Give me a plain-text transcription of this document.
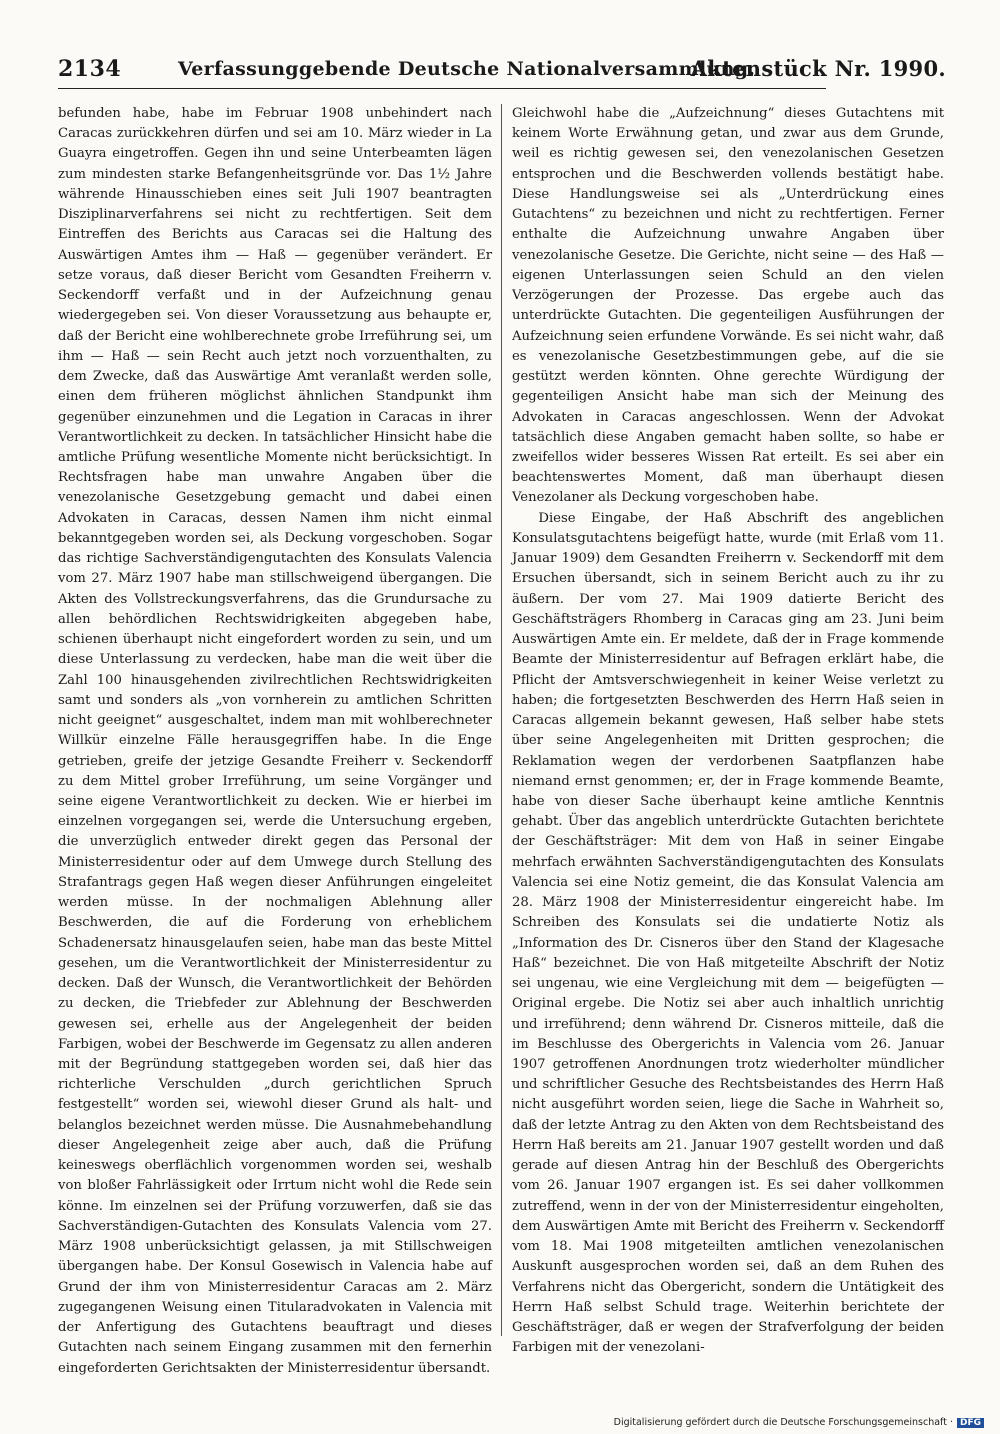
2134	Verfassunggebende Deutsche Nationalversammlung.
Aktenstück Nr. 1990.

befunden habe, habe im Februar 1908 unbehindert nach Caracas zurückkehren dürfen und sei am 10. März wieder in La Guayra eingetroffen. Gegen ihn und seine Unterbeamten lägen zum mindesten starke Befangenheitsgründe vor. Das 1½ Jahre währende Hinausschieben eines seit Juli 1907 beantragten Disziplinarverfahrens sei nicht zu rechtfertigen. Seit dem Eintreffen des Berichts aus Caracas sei die Haltung des Auswärtigen Amtes ihm — Haß — gegenüber verändert. Er setze voraus, daß dieser Bericht vom Gesandten Freiherrn v. Seckendorff verfaßt und in der Aufzeichnung genau wiedergegeben sei. Von dieser Voraussetzung aus behaupte er, daß der Bericht eine wohlberechnete grobe Irreführung sei, um ihm — Haß — sein Recht auch jetzt noch vorzuenthalten, zu dem Zwecke, daß das Auswärtige Amt veranlaßt werden solle, einen dem früheren möglichst ähnlichen Standpunkt ihm gegenüber einzunehmen und die Legation in Caracas in ihrer Verantwortlichkeit zu decken. In tatsächlicher Hinsicht habe die amtliche Prüfung wesentliche Momente nicht berücksichtigt. In Rechtsfragen habe man unwahre Angaben über die venezolanische Gesetzgebung gemacht und dabei einen Advokaten in Caracas, dessen Namen ihm nicht einmal bekanntgegeben worden sei, als Deckung vorgeschoben. Sogar das richtige Sachverständigengutachten des Konsulats Valencia vom 27. März 1907 habe man stillschweigend übergangen. Die Akten des Vollstreckungsverfahrens, das die Grundursache zu allen behördlichen Rechtswidrigkeiten abgegeben habe, schienen überhaupt nicht eingefordert worden zu sein, und um diese Unterlassung zu verdecken, habe man die weit über die Zahl 100 hinausgehenden zivilrechtlichen Rechtswidrigkeiten samt und sonders als „von vornherein zu amtlichen Schritten nicht geeignet“ ausgeschaltet, indem man mit wohlberechneter Willkür einzelne Fälle herausgegriffen habe. In die Enge getrieben, greife der jetzige Gesandte Freiherr v. Seckendorff zu dem Mittel grober Irreführung, um seine Vorgänger und seine eigene Verantwortlichkeit zu decken. Wie er hierbei im einzelnen vorgegangen sei, werde die Untersuchung ergeben, die unverzüglich entweder direkt gegen das Personal der Ministerresidentur oder auf dem Umwege durch Stellung des Strafantrags gegen Haß wegen dieser Anführungen eingeleitet werden müsse. In der nochmaligen Ablehnung aller Beschwerden, die auf die Forderung von erheblichem Schadenersatz hinausgelaufen seien, habe man das beste Mittel gesehen, um die Verantwortlichkeit der Ministerresidentur zu decken. Daß der Wunsch, die Verantwortlichkeit der Behörden zu decken, die Triebfeder zur Ablehnung der Beschwerden gewesen sei, erhelle aus der Angelegenheit der beiden Farbigen, wobei der Beschwerde im Gegensatz zu allen anderen mit der Begründung stattgegeben worden sei, daß hier das richterliche Verschulden „durch gerichtlichen Spruch festgestellt“ worden sei, wiewohl dieser Grund als halt- und belanglos bezeichnet werden müsse. Die Ausnahmebehandlung dieser Angelegenheit zeige aber auch, daß die Prüfung keineswegs oberflächlich vorgenommen worden sei, weshalb von bloßer Fahrlässigkeit oder Irrtum nicht wohl die Rede sein könne. Im einzelnen sei der Prüfung vorzuwerfen, daß sie das Sachverständigen-Gutachten des Konsulats Valencia vom 27. März 1908 unberücksichtigt gelassen, ja mit Stillschweigen übergangen habe. Der Konsul Gosewisch in Valencia habe auf Grund der ihm von Ministerresidentur Caracas am 2. März zugegangenen Weisung einen Titularadvokaten in Valencia mit der Anfertigung des Gutachtens beauftragt und dieses Gutachten nach seinem Eingang zusammen mit den fernerhin eingeforderten Gerichtsakten der Ministerresidentur übersandt.

Gleichwohl habe die „Aufzeichnung“ dieses Gutachtens mit keinem Worte Erwähnung getan, und zwar aus dem Grunde, weil es richtig gewesen sei, den venezolanischen Gesetzen entsprochen und die Beschwerden vollends bestätigt habe. Diese Handlungsweise sei als „Unterdrückung eines Gutachtens“ zu bezeichnen und nicht zu rechtfertigen. Ferner enthalte die Aufzeichnung unwahre Angaben über venezolanische Gesetze. Die Gerichte, nicht seine — des Haß — eigenen Unterlassungen seien Schuld an den vielen Verzögerungen der Prozesse. Das ergebe auch das unterdrückte Gutachten. Die gegenteiligen Ausführungen der Aufzeichnung seien erfundene Vorwände. Es sei nicht wahr, daß es venezolanische Gesetzbestimmungen gebe, auf die sie gestützt werden könnten. Ohne gerechte Würdigung der gegenteiligen Ansicht habe man sich der Meinung des Advokaten in Caracas angeschlossen. Wenn der Advokat tatsächlich diese Angaben gemacht haben sollte, so habe er zweifellos wider besseres Wissen Rat erteilt. Es sei aber ein beachtenswertes Moment, daß man überhaupt diesen Venezolaner als Deckung vorgeschoben habe.

Diese Eingabe, der Haß Abschrift des angeblichen Konsulatsgutachtens beigefügt hatte, wurde (mit Erlaß vom 11. Januar 1909) dem Gesandten Freiherrn v. Seckendorff mit dem Ersuchen übersandt, sich in seinem Bericht auch zu ihr zu äußern. Der vom 27. Mai 1909 datierte Bericht des Geschäftsträgers Rhomberg in Caracas ging am 23. Juni beim Auswärtigen Amte ein. Er meldete, daß der in Frage kommende Beamte der Ministerresidentur auf Befragen erklärt habe, die Pflicht der Amtsverschwiegenheit in keiner Weise verletzt zu haben; die fortgesetzten Beschwerden des Herrn Haß seien in Caracas allgemein bekannt gewesen, Haß selber habe stets über seine Angelegenheiten mit Dritten gesprochen; die Reklamation wegen der verdorbenen Saatpflanzen habe niemand ernst genommen; er, der in Frage kommende Beamte, habe von dieser Sache überhaupt keine amtliche Kenntnis gehabt. Über das angeblich unterdrückte Gutachten berichtete der Geschäftsträger: Mit dem von Haß in seiner Eingabe mehrfach erwähnten Sachverständigengutachten des Konsulats Valencia sei eine Notiz gemeint, die das Konsulat Valencia am 28. März 1908 der Ministerresidentur eingereicht habe. Im Schreiben des Konsulats sei die undatierte Notiz als „Information des Dr. Cisneros über den Stand der Klagesache Haß“ bezeichnet. Die von Haß mitgeteilte Abschrift der Notiz sei ungenau, wie eine Vergleichung mit dem — beigefügten — Original ergebe. Die Notiz sei aber auch inhaltlich unrichtig und irreführend; denn während Dr. Cisneros mitteile, daß die im Beschlusse des Obergerichts in Valencia vom 26. Januar 1907 getroffenen Anordnungen trotz wiederholter mündlicher und schriftlicher Gesuche des Rechtsbeistandes des Herrn Haß nicht ausgeführt worden seien, liege die Sache in Wahrheit so, daß der letzte Antrag zu den Akten von dem Rechtsbeistand des Herrn Haß bereits am 21. Januar 1907 gestellt worden und daß gerade auf diesen Antrag hin der Beschluß des Obergerichts vom 26. Januar 1907 ergangen ist. Es sei daher vollkommen zutreffend, wenn in der von der Ministerresidentur eingeholten, dem Auswärtigen Amte mit Bericht des Freiherrn v. Seckendorff vom 18. Mai 1908 mitgeteilten amtlichen venezolanischen Auskunft ausgesprochen worden sei, daß an dem Ruhen des Verfahrens nicht das Obergericht, sondern die Untätigkeit des Herrn Haß selbst Schuld trage. Weiterhin berichtete der Geschäftsträger, daß er wegen der Strafverfolgung der beiden Farbigen mit der venezolani-

Digitalisierung gefördert durch die Deutsche Forschungsgemeinschaft · DFG
